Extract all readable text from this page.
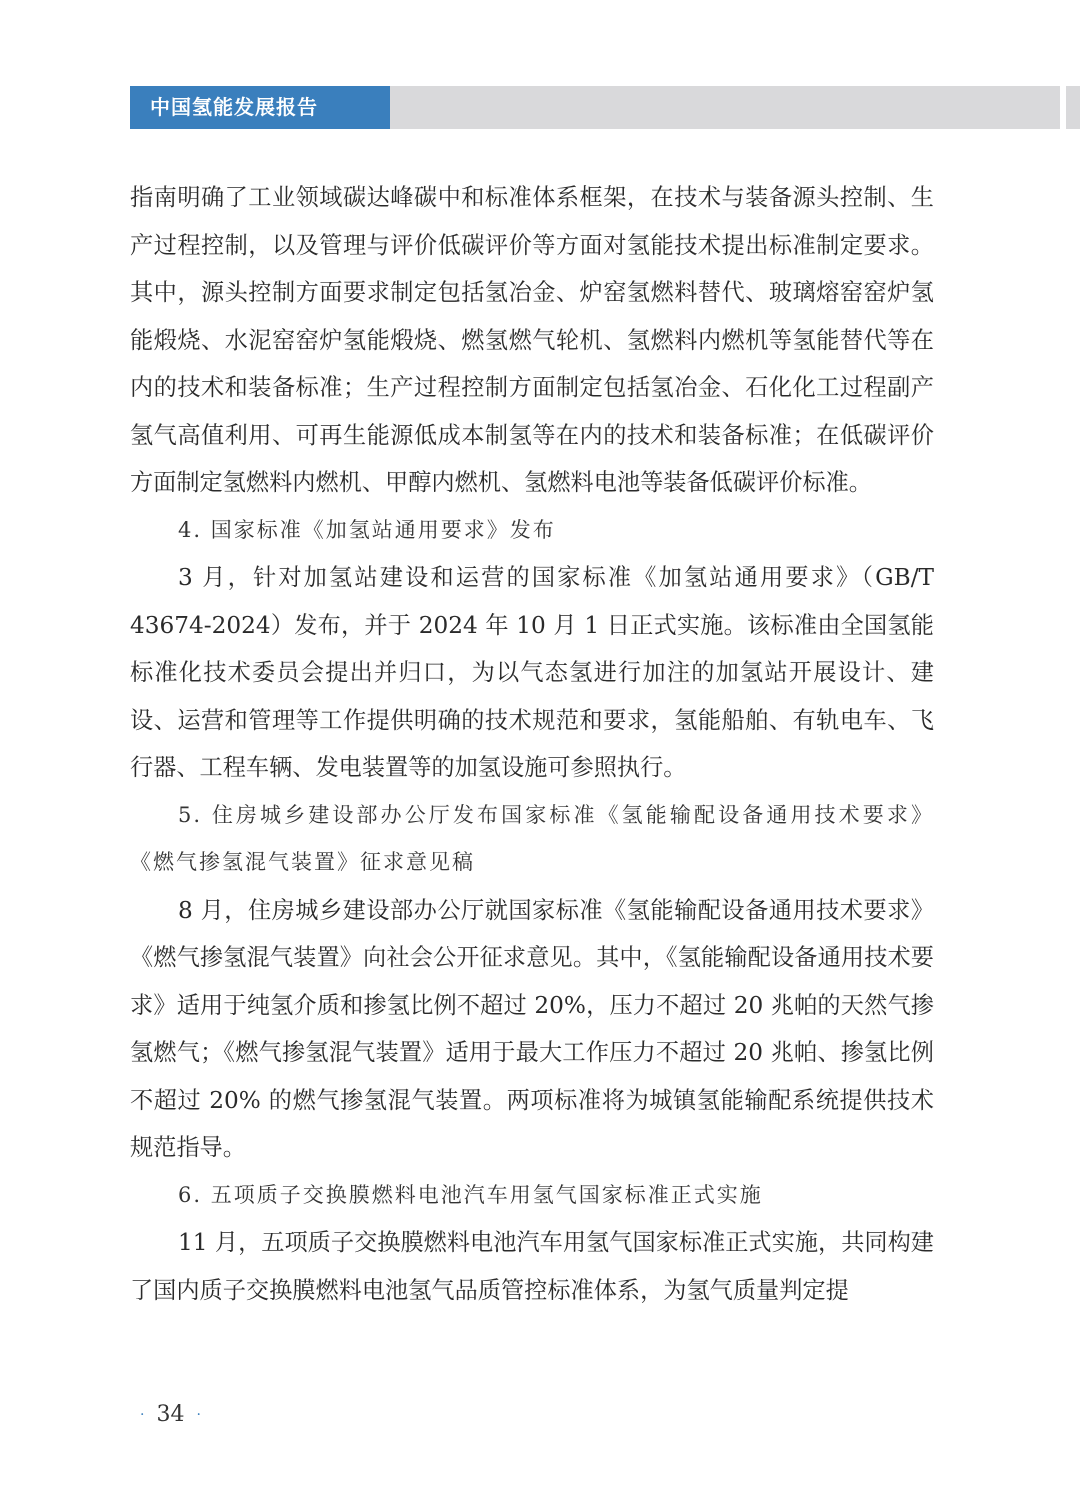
中国氢能发展报告

指南明确了工业领域碳达峰碳中和标准体系框架，在技术与装备源头控制、生产过程控制，以及管理与评价低碳评价等方面对氢能技术提出标准制定要求。其中，源头控制方面要求制定包括氢冶金、炉窑氢燃料替代、玻璃熔窑窑炉氢能煅烧、水泥窑窑炉氢能煅烧、燃氢燃气轮机、氢燃料内燃机等氢能替代等在内的技术和装备标准；生产过程控制方面制定包括氢冶金、石化化工过程副产氢气高值利用、可再生能源低成本制氢等在内的技术和装备标准；在低碳评价方面制定氢燃料内燃机、甲醇内燃机、氢燃料电池等装备低碳评价标准。

4. 国家标准《加氢站通用要求》发布

3 月，针对加氢站建设和运营的国家标准《加氢站通用要求》（GB/T 43674-2024）发布，并于 2024 年 10 月 1 日正式实施。该标准由全国氢能标准化技术委员会提出并归口，为以气态氢进行加注的加氢站开展设计、建设、运营和管理等工作提供明确的技术规范和要求，氢能船舶、有轨电车、飞行器、工程车辆、发电装置等的加氢设施可参照执行。

5. 住房城乡建设部办公厅发布国家标准《氢能输配设备通用技术要求》《燃气掺氢混气装置》征求意见稿

8 月，住房城乡建设部办公厅就国家标准《氢能输配设备通用技术要求》《燃气掺氢混气装置》向社会公开征求意见。其中，《氢能输配设备通用技术要求》适用于纯氢介质和掺氢比例不超过 20%，压力不超过 20 兆帕的天然气掺氢燃气；《燃气掺氢混气装置》适用于最大工作压力不超过 20 兆帕、掺氢比例不超过 20% 的燃气掺氢混气装置。两项标准将为城镇氢能输配系统提供技术规范指导。

6. 五项质子交换膜燃料电池汽车用氢气国家标准正式实施

11 月，五项质子交换膜燃料电池汽车用氢气国家标准正式实施，共同构建了国内质子交换膜燃料电池氢气品质管控标准体系，为氢气质量判定提

· 34 ·
